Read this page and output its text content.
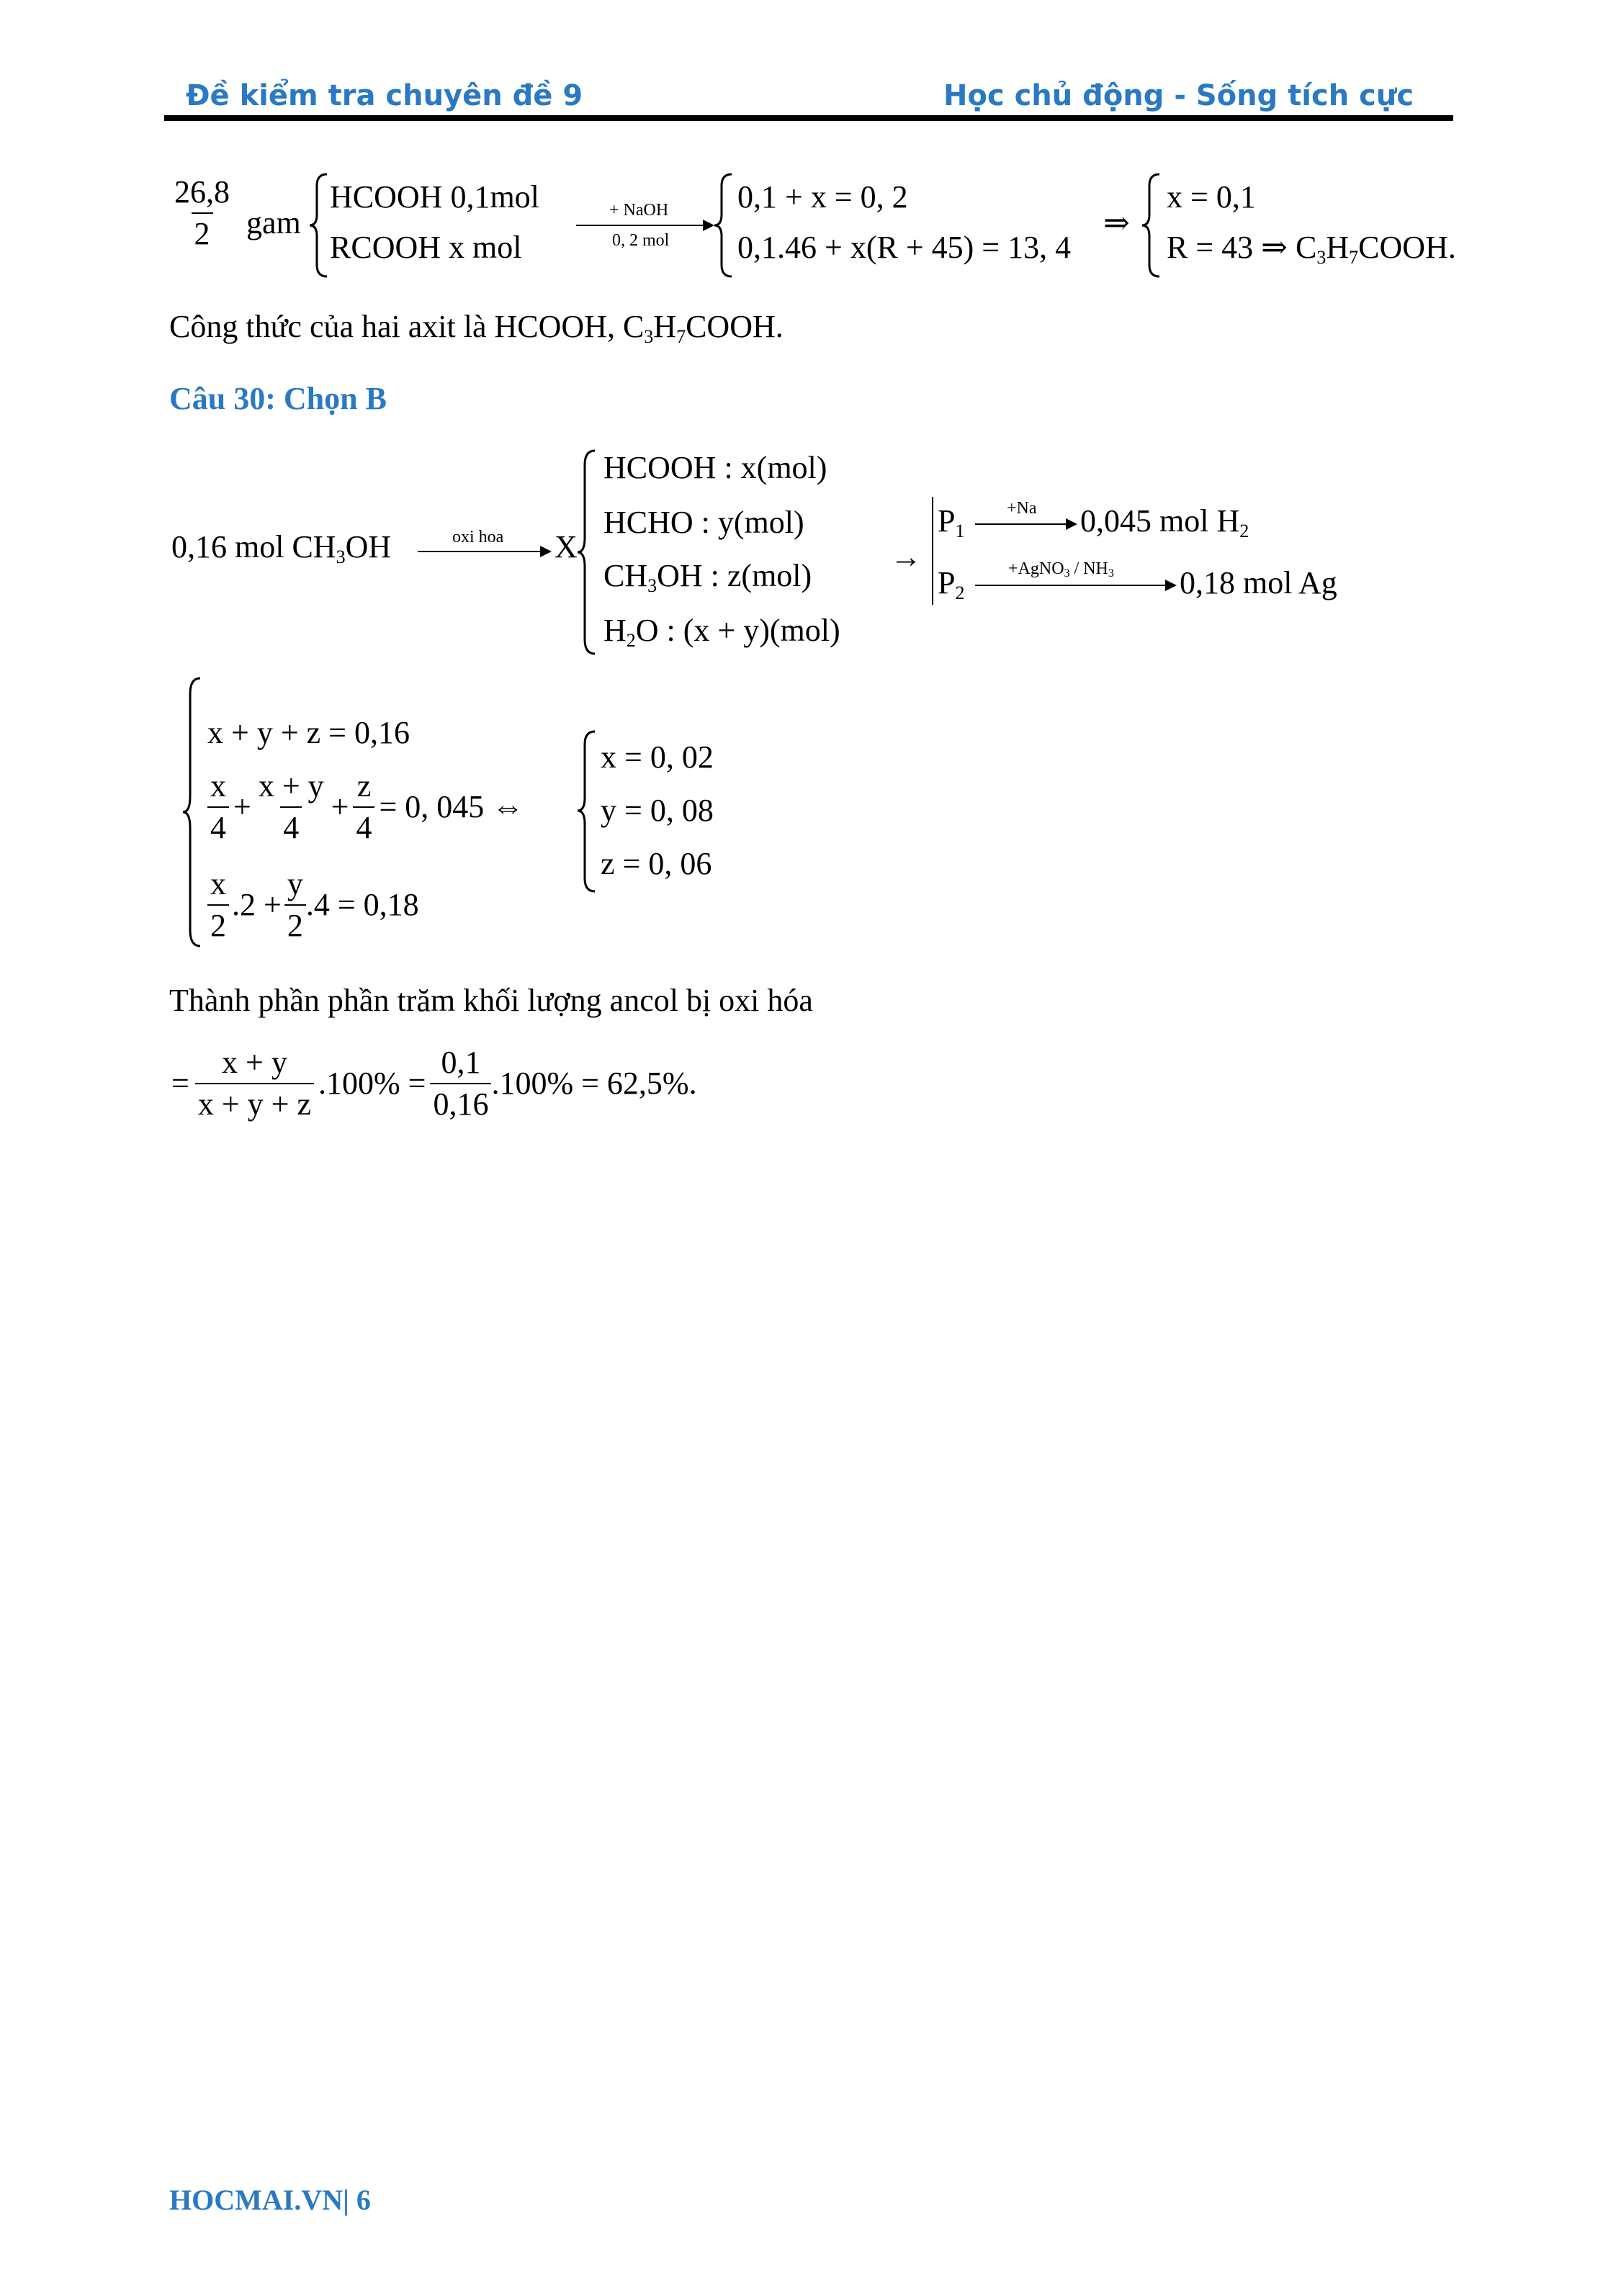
Đề kiểm tra chuyên đề 9	Học chủ động - Sống tích cực
$\frac{26,8}{2}$ gam
HCOOH 0,1mol
RCOOH x mol
+ NaOH
0, 2 mol
0,1 + x = 0, 2
0,1.46 + x(R + 45) = 13, 4
⇒
x = 0,1
R = 43 ⇒ $C_3H_7COOH$.
Công thức của hai axit là HCOOH, $C_3H_7COOH$.
Câu 30: Chọn B
0,16 mol $CH_3OH$	oxi hoa X
HCOOH : x(mol)
HCHO : y(mol)
$CH_3OH$ : z(mol)
$H_2O$ : (x + y)(mol)
→
$P_1$
+Na 0,045 mol $H_2$
$P_2$
+AgNO$_3$ / $NH_3$ 0,18 mol Ag
x + y + z = 0,16
$\frac{x}{4} + \frac{x + y}{4} + \frac{z}{4} = 0$, 045 ⇔
$\frac{x}{2} .2 + \frac{y}{2} .4 = 0,18$
x = 0, 02
y = 0, 08
z = 0, 06
Thành phần phần trăm khối lượng ancol bị oxi hóa
= $\frac{x + y}{x + y + z} .100\% = \frac{0,1}{0,16} .100\% = 62,5\%$.
HOCMAI.VN| 6
